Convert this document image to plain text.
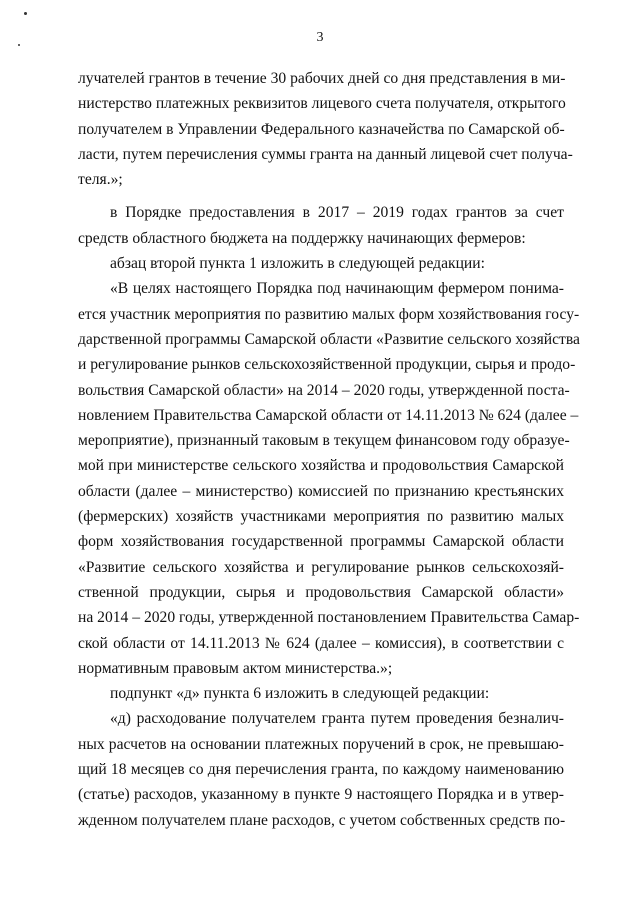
3
лучателей грантов в течение 30 рабочих дней со дня представления в ми-
нистерство платежных реквизитов лицевого счета получателя, открытого
получателем в Управлении Федерального казначейства по Самарской об-
ласти, путем перечисления суммы гранта на данный лицевой счет получа-
теля.»;
в Порядке предоставления в 2017 – 2019 годах грантов за счет
средств областного бюджета на поддержку начинающих фермеров:
абзац второй пункта 1 изложить в следующей редакции:
«В целях настоящего Порядка под начинающим фермером понима-
ется участник мероприятия по развитию малых форм хозяйствования госу-
дарственной программы Самарской области «Развитие сельского хозяйства
и регулирование рынков сельскохозяйственной продукции, сырья и продо-
вольствия Самарской области» на 2014 – 2020 годы, утвержденной поста-
новлением Правительства Самарской области от 14.11.2013 № 624 (далее –
мероприятие), признанный таковым в текущем финансовом году образуе-
мой при министерстве сельского хозяйства и продовольствия Самарской
области (далее – министерство) комиссией по признанию крестьянских
(фермерских) хозяйств участниками мероприятия по развитию малых
форм хозяйствования государственной программы Самарской области
«Развитие сельского хозяйства и регулирование рынков сельскохозяй-
ственной продукции, сырья и продовольствия Самарской области»
на 2014 – 2020 годы, утвержденной постановлением Правительства Самар-
ской области от 14.11.2013 № 624 (далее – комиссия), в соответствии с
нормативным правовым актом министерства.»;
подпункт «д» пункта 6 изложить в следующей редакции:
«д) расходование получателем гранта путем проведения безналич-
ных расчетов на основании платежных поручений в срок, не превышаю-
щий 18 месяцев со дня перечисления гранта, по каждому наименованию
(статье) расходов, указанному в пункте 9 настоящего Порядка и в утвер-
жденном получателем плане расходов, с учетом собственных средств по-
